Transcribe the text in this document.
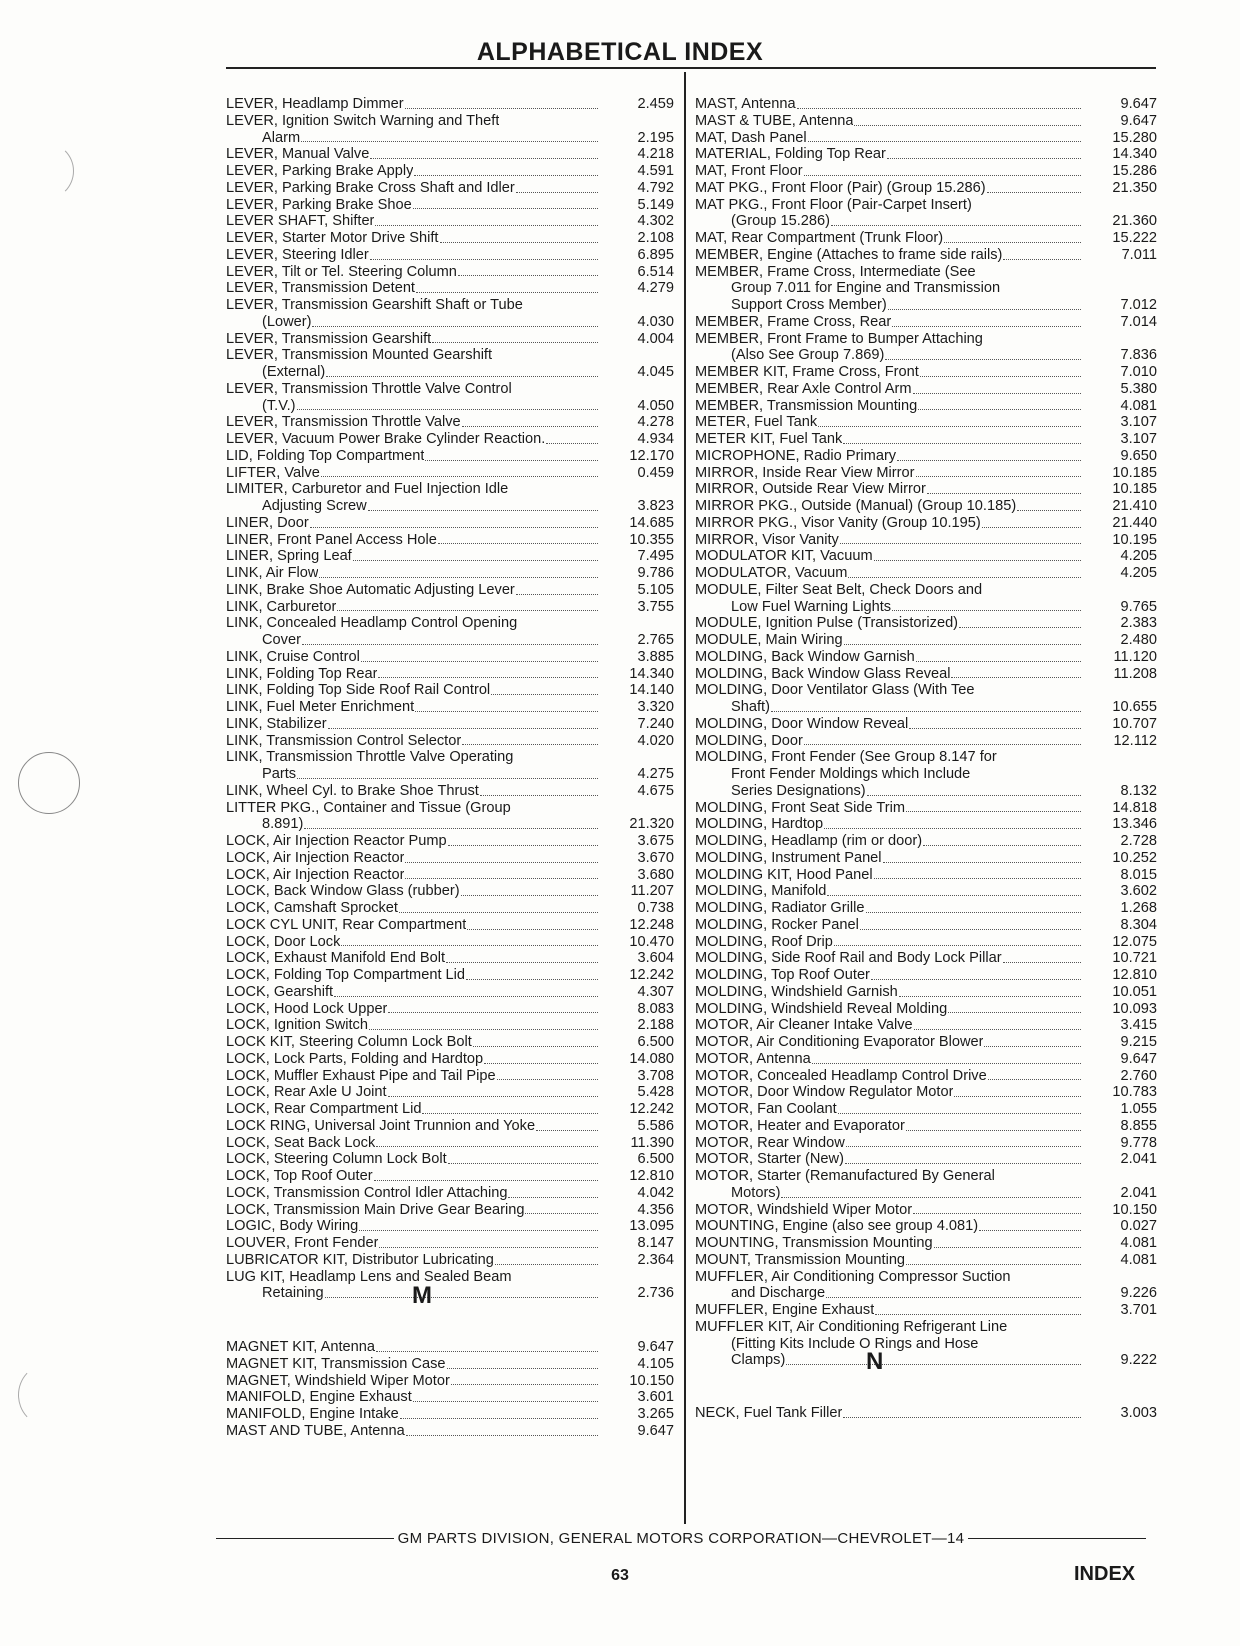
ALPHABETICAL INDEX
LEVER, Headlamp Dimmer	2.459
LEVER, Ignition Switch Warning and Theft
Alarm	2.195
LEVER, Manual Valve	4.218
LEVER, Parking Brake Apply	4.591
LEVER, Parking Brake Cross Shaft and Idler	4.792
LEVER, Parking Brake Shoe	5.149
LEVER SHAFT, Shifter	4.302
LEVER, Starter Motor Drive Shift	2.108
LEVER, Steering Idler	6.895
LEVER, Tilt or Tel. Steering Column	6.514
LEVER, Transmission Detent	4.279
LEVER, Transmission Gearshift Shaft or Tube
(Lower)	4.030
LEVER, Transmission Gearshift	4.004
LEVER, Transmission Mounted Gearshift
(External)	4.045
LEVER, Transmission Throttle Valve Control
(T.V.)	4.050
LEVER, Transmission Throttle Valve	4.278
LEVER, Vacuum Power Brake Cylinder Reaction.	4.934
LID, Folding Top Compartment	12.170
LIFTER, Valve	0.459
LIMITER, Carburetor and Fuel Injection Idle
Adjusting Screw	3.823
LINER, Door	14.685
LINER, Front Panel Access Hole	10.355
LINER, Spring Leaf	7.495
LINK, Air Flow	9.786
LINK, Brake Shoe Automatic Adjusting Lever	5.105
LINK, Carburetor	3.755
LINK, Concealed Headlamp Control Opening
Cover	2.765
LINK, Cruise Control	3.885
LINK, Folding Top Rear	14.340
LINK, Folding Top Side Roof Rail Control	14.140
LINK, Fuel Meter Enrichment	3.320
LINK, Stabilizer	7.240
LINK, Transmission Control Selector	4.020
LINK, Transmission Throttle Valve Operating
Parts	4.275
LINK, Wheel Cyl. to Brake Shoe Thrust	4.675
LITTER PKG., Container and Tissue (Group
8.891)	21.320
LOCK, Air Injection Reactor Pump	3.675
LOCK, Air Injection Reactor	3.670
LOCK, Air Injection Reactor	3.680
LOCK, Back Window Glass (rubber)	11.207
LOCK, Camshaft Sprocket	0.738
LOCK CYL UNIT, Rear Compartment	12.248
LOCK, Door Lock	10.470
LOCK, Exhaust Manifold End Bolt	3.604
LOCK, Folding Top Compartment Lid	12.242
LOCK, Gearshift	4.307
LOCK, Hood Lock Upper	8.083
LOCK, Ignition Switch	2.188
LOCK KIT, Steering Column Lock Bolt	6.500
LOCK, Lock Parts, Folding and Hardtop	14.080
LOCK, Muffler Exhaust Pipe and Tail Pipe	3.708
LOCK, Rear Axle U Joint	5.428
LOCK, Rear Compartment Lid	12.242
LOCK RING, Universal Joint Trunnion and Yoke	5.586
LOCK, Seat Back Lock	11.390
LOCK, Steering Column Lock Bolt	6.500
LOCK, Top Roof Outer	12.810
LOCK, Transmission Control Idler Attaching	4.042
LOCK, Transmission Main Drive Gear Bearing	4.356
LOGIC, Body Wiring	13.095
LOUVER, Front Fender	8.147
LUBRICATOR KIT, Distributor Lubricating	2.364
LUG KIT, Headlamp Lens and Sealed Beam
Retaining	2.736
M
MAGNET KIT, Antenna	9.647
MAGNET KIT, Transmission Case	4.105
MAGNET, Windshield Wiper Motor	10.150
MANIFOLD, Engine Exhaust	3.601
MANIFOLD, Engine Intake	3.265
MAST AND TUBE, Antenna	9.647
MAST, Antenna	9.647
MAST & TUBE, Antenna	9.647
MAT, Dash Panel	15.280
MATERIAL, Folding Top Rear	14.340
MAT, Front Floor	15.286
MAT PKG., Front Floor (Pair) (Group 15.286)	21.350
MAT PKG., Front Floor (Pair-Carpet Insert)
(Group 15.286)	21.360
MAT, Rear Compartment (Trunk Floor)	15.222
MEMBER, Engine (Attaches to frame side rails)	7.011
MEMBER, Frame Cross, Intermediate (See
Group 7.011 for Engine and Transmission
Support Cross Member)	7.012
MEMBER, Frame Cross, Rear	7.014
MEMBER, Front Frame to Bumper Attaching
(Also See Group 7.869)	7.836
MEMBER KIT, Frame Cross, Front	7.010
MEMBER, Rear Axle Control Arm	5.380
MEMBER, Transmission Mounting	4.081
METER, Fuel Tank	3.107
METER KIT, Fuel Tank	3.107
MICROPHONE, Radio Primary	9.650
MIRROR, Inside Rear View Mirror	10.185
MIRROR, Outside Rear View Mirror	10.185
MIRROR PKG., Outside (Manual) (Group 10.185)	21.410
MIRROR PKG., Visor Vanity (Group 10.195)	21.440
MIRROR, Visor Vanity	10.195
MODULATOR KIT, Vacuum	4.205
MODULATOR, Vacuum	4.205
MODULE, Filter Seat Belt, Check Doors and
Low Fuel Warning Lights	9.765
MODULE, Ignition Pulse (Transistorized)	2.383
MODULE, Main Wiring	2.480
MOLDING, Back Window Garnish	11.120
MOLDING, Back Window Glass Reveal	11.208
MOLDING, Door Ventilator Glass (With Tee
Shaft)	10.655
MOLDING, Door Window Reveal	10.707
MOLDING, Door	12.112
MOLDING, Front Fender (See Group 8.147 for
Front Fender Moldings which Include
Series Designations)	8.132
MOLDING, Front Seat Side Trim	14.818
MOLDING, Hardtop	13.346
MOLDING, Headlamp (rim or door)	2.728
MOLDING, Instrument Panel	10.252
MOLDING KIT, Hood Panel	8.015
MOLDING, Manifold	3.602
MOLDING, Radiator Grille	1.268
MOLDING, Rocker Panel	8.304
MOLDING, Roof Drip	12.075
MOLDING, Side Roof Rail and Body Lock Pillar	10.721
MOLDING, Top Roof Outer	12.810
MOLDING, Windshield Garnish	10.051
MOLDING, Windshield Reveal Molding	10.093
MOTOR, Air Cleaner Intake Valve	3.415
MOTOR, Air Conditioning Evaporator Blower	9.215
MOTOR, Antenna	9.647
MOTOR, Concealed Headlamp Control Drive	2.760
MOTOR, Door Window Regulator Motor	10.783
MOTOR, Fan Coolant	1.055
MOTOR, Heater and Evaporator	8.855
MOTOR, Rear Window	9.778
MOTOR, Starter (New)	2.041
MOTOR, Starter (Remanufactured By General
Motors)	2.041
MOTOR, Windshield Wiper Motor	10.150
MOUNTING, Engine (also see group 4.081)	0.027
MOUNTING, Transmission Mounting	4.081
MOUNT, Transmission Mounting	4.081
MUFFLER, Air Conditioning Compressor Suction
and Discharge	9.226
MUFFLER, Engine Exhaust	3.701
MUFFLER KIT, Air Conditioning Refrigerant Line
(Fitting Kits Include O Rings and Hose
Clamps)	9.222
N
NECK, Fuel Tank Filler	3.003
GM PARTS DIVISION, GENERAL MOTORS CORPORATION—CHEVROLET—14
63	INDEX
